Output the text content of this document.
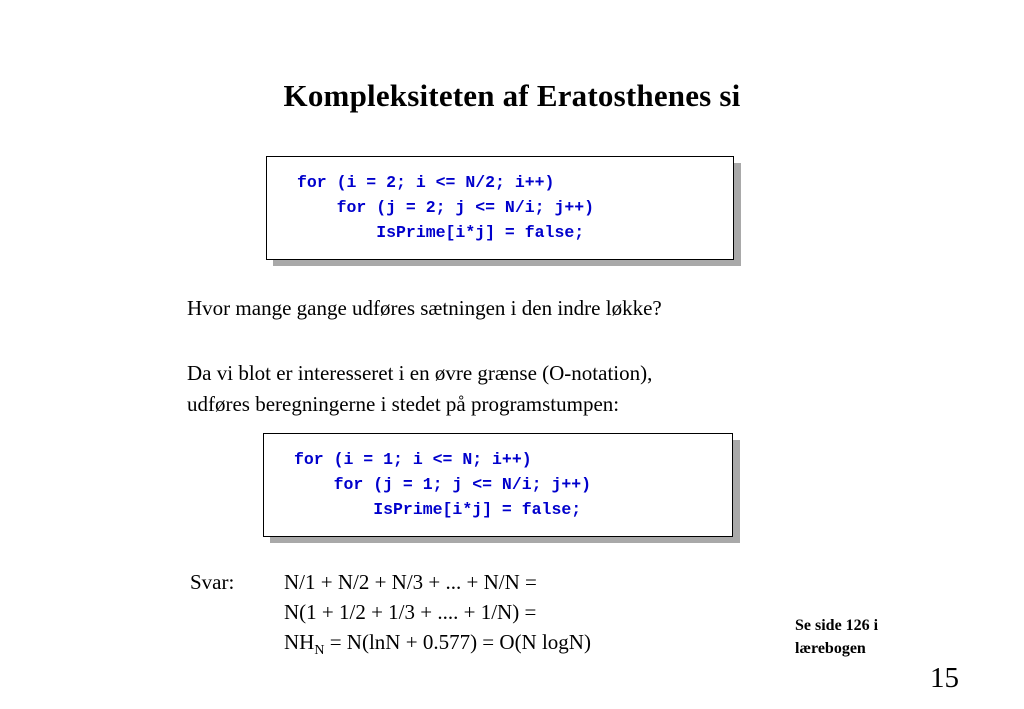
Kompleksiteten af Eratosthenes si
for (i = 2; i <= N/2; i++)
for (j = 2; j <= N/i; j++)
IsPrime[i*j] = false;
Hvor mange gange udføres sætningen i den indre løkke?
Da vi blot er interesseret i en øvre grænse (O-notation),
udføres beregningerne i stedet på programstumpen:
for (i = 1; i <= N; i++)
for (j = 1; j <= N/i; j++)
IsPrime[i*j] = false;
Svar: N/1 + N/2 + N/3 + ... + N/N =
N(1 + 1/2 + 1/3 + .... + 1/N) =
$NH_N = N(\ln N + 0.577) = O(N$ logN)
Se side 126 i
lærebogen
15
